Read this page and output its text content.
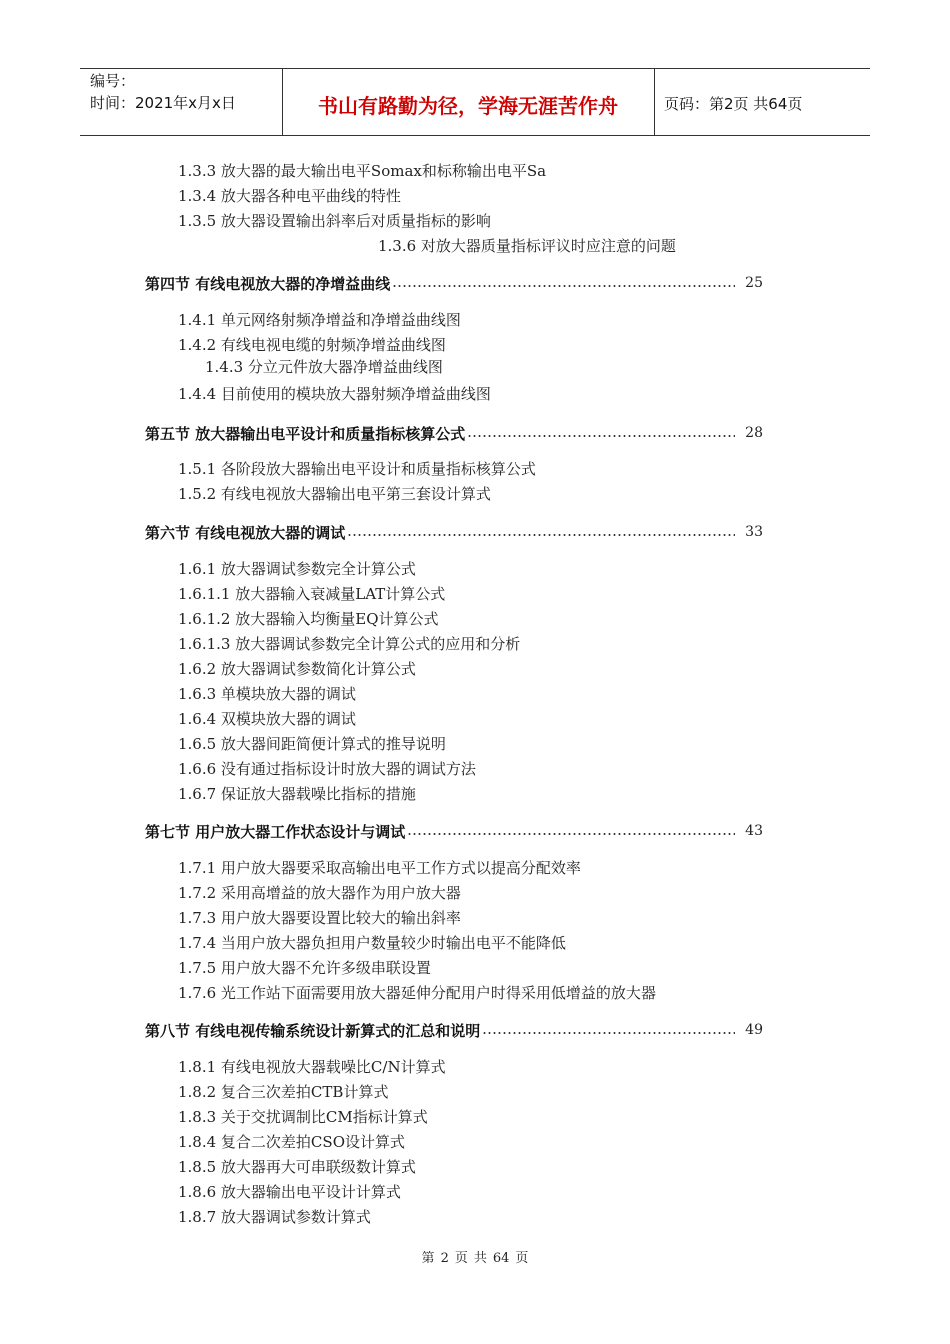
编号：
时间：2021年x月x日	书山有路勤为径，学海无涯苦作舟	页码：第2页 共64页
1.3.3 放大器的最大输出电平Somax和标称输出电平Sa
1.3.4 放大器各种电平曲线的特性
1.3.5 放大器设置输出斜率后对质量指标的影响
1.3.6 对放大器质量指标评议时应注意的问题
第四节 有线电视放大器的净增益曲线	25
1.4.1 单元网络射频净增益和净增益曲线图
1.4.2 有线电视电缆的射频净增益曲线图
1.4.3 分立元件放大器净增益曲线图
1.4.4 目前使用的模块放大器射频净增益曲线图
第五节 放大器输出电平设计和质量指标核算公式	28
1.5.1 各阶段放大器输出电平设计和质量指标核算公式
1.5.2 有线电视放大器输出电平第三套设计算式
第六节 有线电视放大器的调试	33
1.6.1 放大器调试参数完全计算公式
1.6.1.1 放大器输入衰减量LAT计算公式
1.6.1.2 放大器输入均衡量EQ计算公式
1.6.1.3 放大器调试参数完全计算公式的应用和分析
1.6.2 放大器调试参数简化计算公式
1.6.3 单模块放大器的调试
1.6.4 双模块放大器的调试
1.6.5 放大器间距简便计算式的推导说明
1.6.6 没有通过指标设计时放大器的调试方法
1.6.7 保证放大器载噪比指标的措施
第七节 用户放大器工作状态设计与调试	43
1.7.1 用户放大器要采取高输出电平工作方式以提高分配效率
1.7.2 采用高增益的放大器作为用户放大器
1.7.3 用户放大器要设置比较大的输出斜率
1.7.4 当用户放大器负担用户数量较少时输出电平不能降低
1.7.5 用户放大器不允许多级串联设置
1.7.6 光工作站下面需要用放大器延伸分配用户时得采用低增益的放大器
第八节 有线电视传输系统设计新算式的汇总和说明	49
1.8.1 有线电视放大器载噪比C/N计算式
1.8.2 复合三次差拍CTB计算式
1.8.3 关于交扰调制比CM指标计算式
1.8.4 复合二次差拍CSO设计算式
1.8.5 放大器再大可串联级数计算式
1.8.6 放大器输出电平设计计算式
1.8.7 放大器调试参数计算式
第 2 页 共 64 页
